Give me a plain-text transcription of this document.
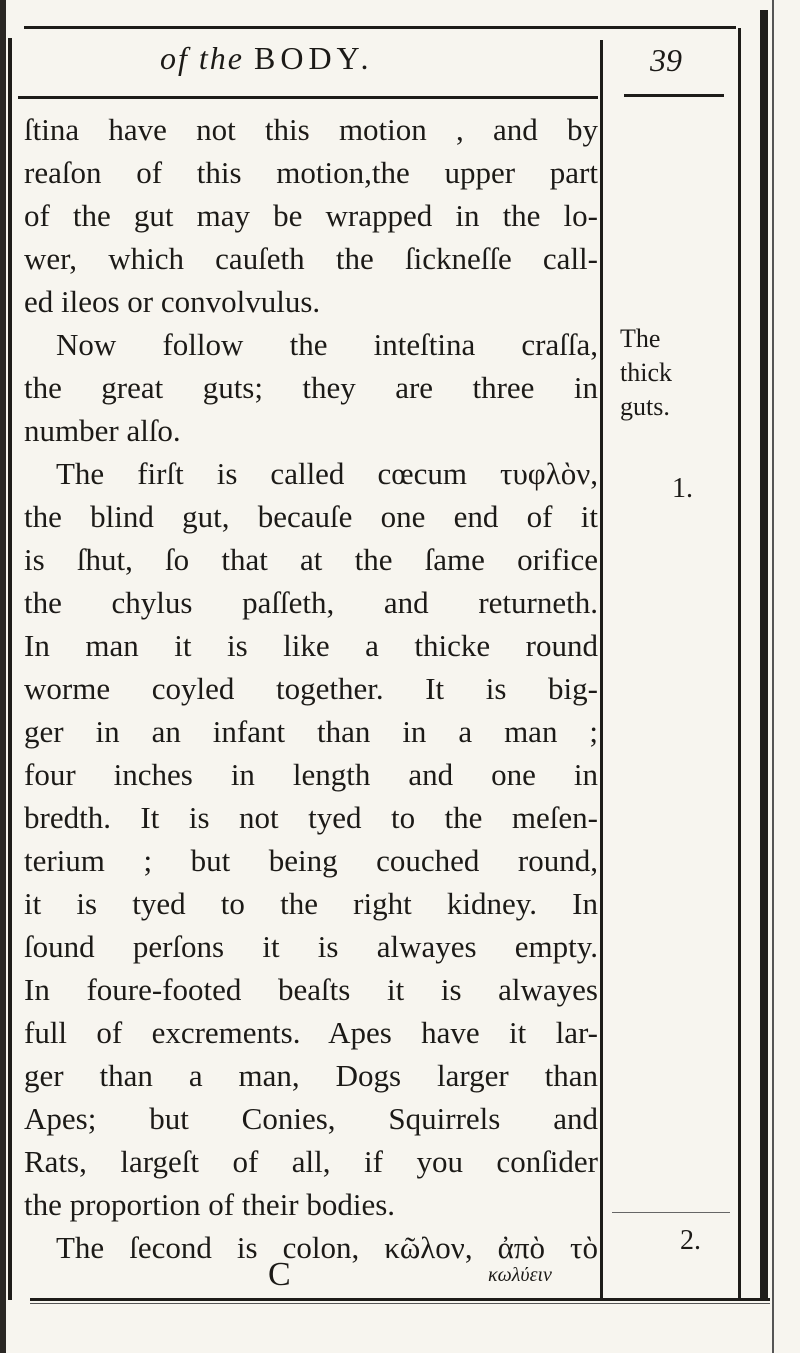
of the BODY.	39
ſtina have not this motion , and by
reaſon of this motion,the upper part
of the gut may be wrapped in the lo-
wer, which cauſeth the ſickneſſe call-
ed ileos or convolvulus.
Now follow the inteſtina craſſa,
the great guts; they are three in
number alſo.
The firſt is called cœcum τυφλὸν,
the blind gut, becauſe one end of it
is ſhut, ſo that at the ſame orifice
the chylus paſſeth, and returneth.
In man it is like a thicke round
worme coyled together. It is big-
ger in an infant than in a man ;
four inches in length and one in
bredth. It is not tyed to the meſen-
terium ; but being couched round,
it is tyed to the right kidney. In
ſound perſons it is alwayes empty.
In foure-footed beaſts it is alwayes
full of excrements. Apes have it lar-
ger than a man, Dogs larger than
Apes; but Conies, Squirrels and
Rats, largeſt of all, if you conſider
the proportion of their bodies.
The ſecond is colon, κῶλον, ἀπὸ τὸ
C	κωλύειν
The
thick
guts.
1.
2.
